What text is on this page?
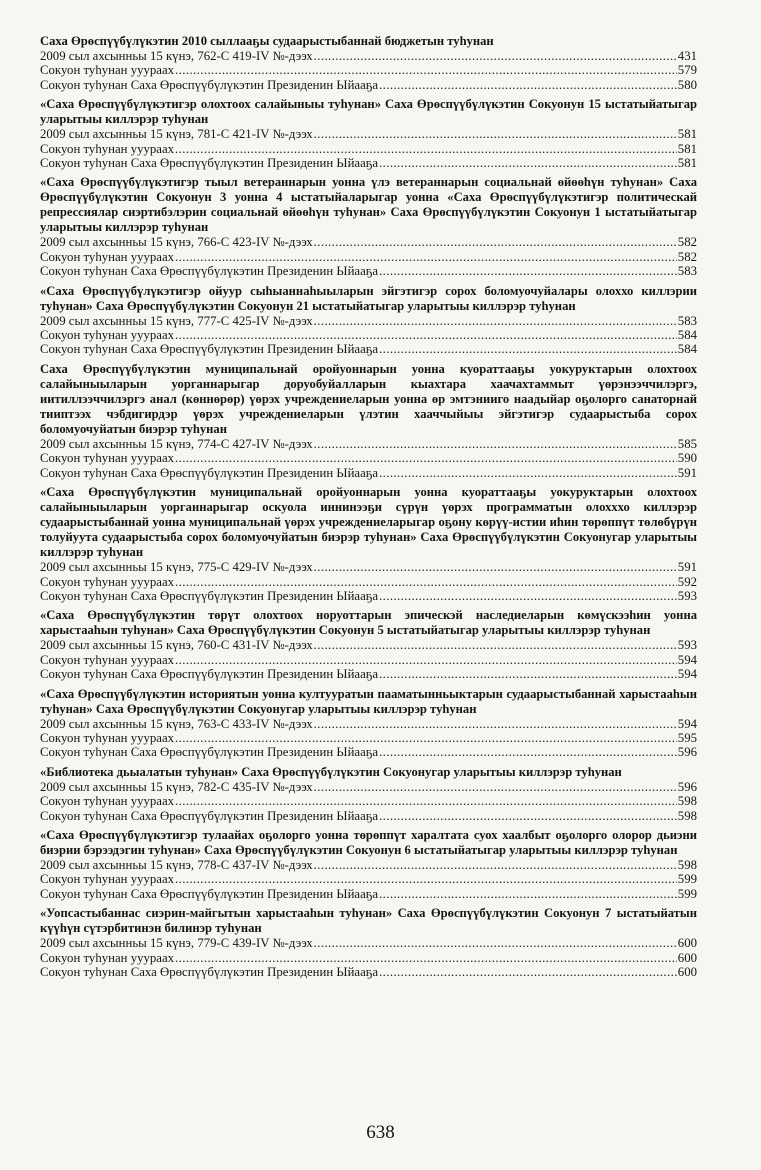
Саха Өрөспүүбүлүкэтин 2010 сыллааҕы судаарыстыбаннай бюджетын туһунан

2009 сыл ахсынньы 15 күнэ, 762-С 419-IV №-дээх .....	431
Сокуон туһунан ууураах .....	579
Сокуон туһунан Саха Өрөспүүбүлүкэтин Президенин Ыйааҕа .....	580

«Саха Өрөспүүбүлүкэтигэр олохтоох салайыныы туһунан» Саха Өрөспүүбүлүкэтин Сокуонун 15 ыстатыйатыгар уларытыы киллэрэр туһунан

2009 сыл ахсынньы 15 күнэ, 781-С 421-IV №-дээх .....	581
Сокуон туһунан ууураах .....	581
Сокуон туһунан Саха Өрөспүүбүлүкэтин Президенин Ыйааҕа .....	581

«Саха Өрөспүүбүлүкэтигэр тыыл ветераннарын уонна үлэ ветераннарын социальнай өйөөһүн туһунан» Саха Өрөспүүбүлүкэтин Сокуонун 3 уонна 4 ыстатыйаларыгар уонна «Саха Өрөспүүбүлүкэтигэр политическай репрессиялар сиэртибэлэрин социальнай өйөөһүн туһунан» Саха Өрөспүүбүлүкэтин Сокуонун 1 ыстатыйатыгар уларытыы киллэрэр туһунан

2009 сыл ахсынньы 15 күнэ, 766-С 423-IV №-дээх .....	582
Сокуон туһунан ууураах .....	582
Сокуон туһунан Саха Өрөспүүбүлүкэтин Президенин Ыйааҕа .....	583

«Саха Өрөспүүбүлүкэтигэр ойуур сыһыаннаһыыларын эйгэтигэр сорох боломуочуйалары олоххо киллэрии туһунан» Саха Өрөспүүбүлүкэтин Сокуонун 21 ыстатыйатыгар уларытыы киллэрэр туһунан

2009 сыл ахсынньы 15 күнэ, 777-С 425-IV №-дээх .....	583
Сокуон туһунан ууураах .....	584
Сокуон туһунан Саха Өрөспүүбүлүкэтин Президенин Ыйааҕа .....	584

Саха Өрөспүүбүлүкэтин муниципальнай оройуоннарын уонна куораттааҕы уокуруктарын олохтоох салайыныыларын уорганнарыгар доруобуйалларын кыахтара хаачахтаммыт үөрэнээччилэргэ, иитиллээччилэргэ анал (көннөрөр) үөрэх учреждениеларын уонна өр эмтэнииго наадыйар оҕолорго санаторнай тииптээх чэбдигирдэр үөрэх учреждениеларын үлэтин хааччыйыы эйгэтигэр судаарыстыба сорох боломуочуйатын биэрэр туһунан

2009 сыл ахсынньы 15 күнэ, 774-С 427-IV №-дээх .....	585
Сокуон туһунан ууураах .....	590
Сокуон туһунан Саха Өрөспүүбүлүкэтин Президенин Ыйааҕа .....	591

«Саха Өрөспүүбүлүкэтин муниципальнай оройуоннарын уонна куораттааҕы уокуруктарын олохтоох салайыныыларын уорганнарыгар оскуола иннинээҕи сүрүн үөрэх программатын олохххо киллэрэр судаарыстыбаннай уонна муниципальнай үөрэх учреждениеларыгар оҕону көрүү-истии иһин төрөппүт төлөбүрүн толуйуута судаарыстыба сорох боломуочуйатын биэрэр туһунан» Саха Өрөспүүбүлүкэтин Сокуонугар уларытыы киллэрэр туһунан

2009 сыл ахсынньы 15 күнэ, 775-С 429-IV №-дээх .....	591
Сокуон туһунан ууураах .....	592
Сокуон туһунан Саха Өрөспүүбүлүкэтин Президенин Ыйааҕа .....	593

«Саха Өрөспүүбүлүкэтин төрүт олохтоох норуоттарын эпическэй наследиеларын көмүскээһин уонна харыстааһын туһунан» Саха Өрөспүүбүлүкэтин Сокуонун 5 ыстатыйатыгар уларытыы киллэрэр туһунан

2009 сыл ахсынньы 15 күнэ, 760-С 431-IV №-дээх .....	593
Сокуон туһунан ууураах .....	594
Сокуон туһунан Саха Өрөспүүбүлүкэтин Президенин Ыйааҕа .....	594

«Саха Өрөспүүбүлүкэтин историятын уонна култууратын пааматынньыктарын судаарыстыбаннай харыстааһын туһунан» Саха Өрөспүүбүлүкэтин Сокуонугар уларытыы киллэрэр туһунан

2009 сыл ахсынньы 15 күнэ, 763-С 433-IV №-дээх .....	594
Сокуон туһунан ууураах .....	595
Сокуон туһунан Саха Өрөспүүбүлүкэтин Президенин Ыйааҕа .....	596

«Библиотека дьыалатын туһунан» Саха Өрөспүүбүлүкэтин Сокуонугар уларытыы киллэрэр туһунан

2009 сыл ахсынньы 15 күнэ, 782-С 435-IV №-дээх .....	596
Сокуон туһунан ууураах .....	598
Сокуон туһунан Саха Өрөспүүбүлүкэтин Президенин Ыйааҕа .....	598

«Саха Өрөспүүбүлүкэтигэр тулаайах оҕолорго уонна төрөппүт харалтата суох хаалбыт оҕолорго олорор дьиэни биэрии бэрээдэгин туһунан» Саха Өрөспүүбүлүкэтин Сокуонун 6 ыстатыйатыгар уларытыы киллэрэр туһунан

2009 сыл ахсынньы 15 күнэ, 778-С 437-IV №-дээх .....	598
Сокуон туһунан ууураах .....	599
Сокуон туһунан Саха Өрөспүүбүлүкэтин Президенин Ыйааҕа .....	599

«Уопсастыбаннас сиэрин-майгытын харыстааһын туһунан» Саха Өрөспүүбүлүкэтин Сокуонун 7 ыстатыйатын күүһүн сүтэрбитинэн билинэр туһунан

2009 сыл ахсынньы 15 күнэ, 779-С 439-IV №-дээх .....	600
Сокуон туһунан ууураах .....	600
Сокуон туһунан Саха Өрөспүүбүлүкэтин Президенин Ыйааҕа .....	600
638
